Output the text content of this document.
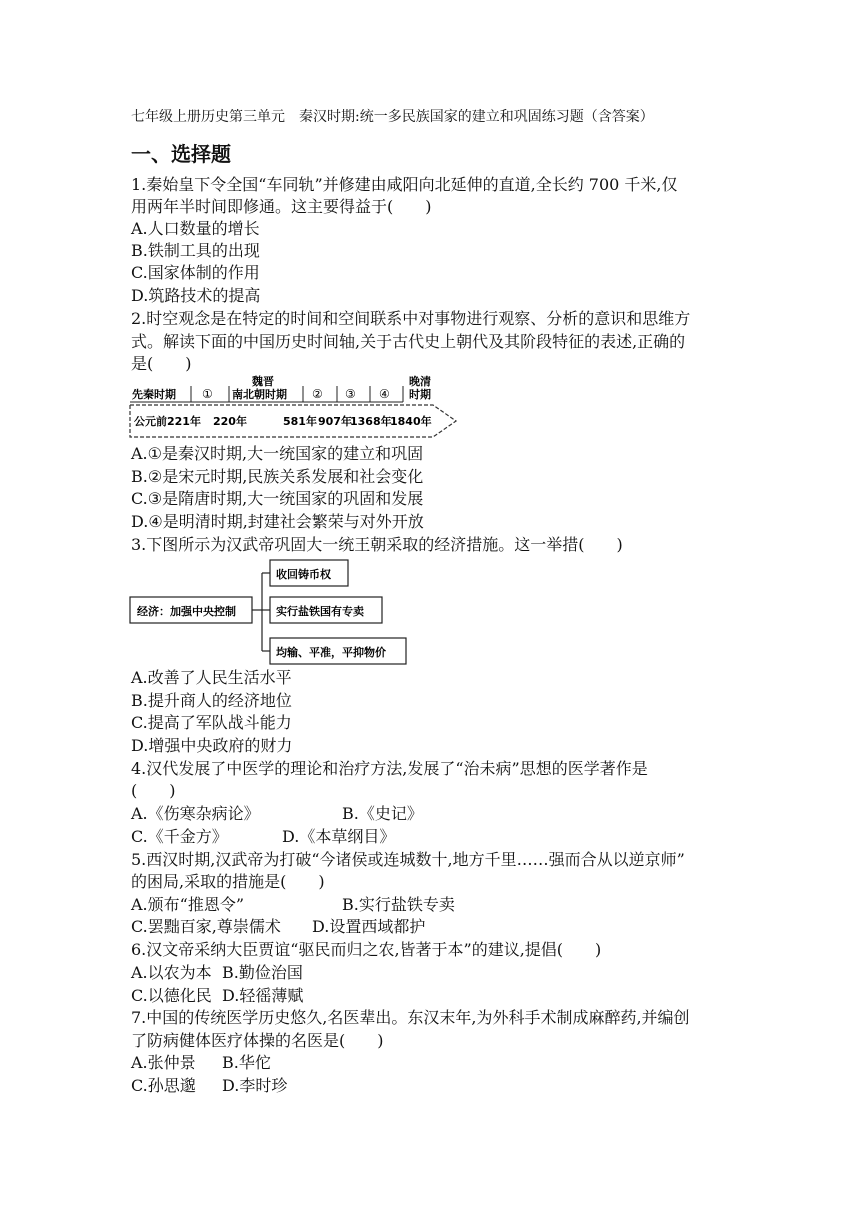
七年级上册历史第三单元　秦汉时期:统一多民族国家的建立和巩固练习题（含答案）
一、选择题
1.秦始皇下令全国“车同轨”并修建由咸阳向北延伸的直道,全长约 700 千米,仅
用两年半时间即修通。这主要得益于(　　)
A.人口数量的增长
B.铁制工具的出现
C.国家体制的作用
D.筑路技术的提高
2.时空观念是在特定的时间和空间联系中对事物进行观察、分析的意识和思维方
式。解读下面的中国历史时间轴,关于古代史上朝代及其阶段特征的表述,正确的
是(　　)
先秦时期 ①
魏晋
南北朝时期 ② ③ ④
晚清
时期
公元前221年 220年	581年 907年
1368年
1840年
A.①是秦汉时期,大一统国家的建立和巩固
B.②是宋元时期,民族关系发展和社会变化
C.③是隋唐时期,大一统国家的巩固和发展
D.④是明清时期,封建社会繁荣与对外开放
3.下图所示为汉武帝巩固大一统王朝采取的经济措施。这一举措(　　)
经济：加强中央控制
收回铸币权
实行盐铁国有专卖
均输、平准，平抑物价
A.改善了人民生活水平
B.提升商人的经济地位
C.提高了军队战斗能力
D.增强中央政府的财力
4.汉代发展了中医学的理论和治疗方法,发展了“治未病”思想的医学著作是
(　　)
A.《伤寒杂病论》	B.《史记》
C.《千金方》	D.《本草纲目》
5.西汉时期,汉武帝为打破“今诸侯或连城数十,地方千里……强而合从以逆京师”
的困局,采取的措施是(　　)
A.颁布“推恩令”	B.实行盐铁专卖
C.罢黜百家,尊崇儒术 D.设置西域都护
6.汉文帝采纳大臣贾谊“驱民而归之农,皆著于本”的建议,提倡(　　)
A.以农为本 B.勤俭治国
C.以德化民 D.轻徭薄赋
7.中国的传统医学历史悠久,名医辈出。东汉末年,为外科手术制成麻醉药,并编创
了防病健体医疗体操的名医是(　　)
A.张仲景 B.华佗
C.孙思邈 D.李时珍
